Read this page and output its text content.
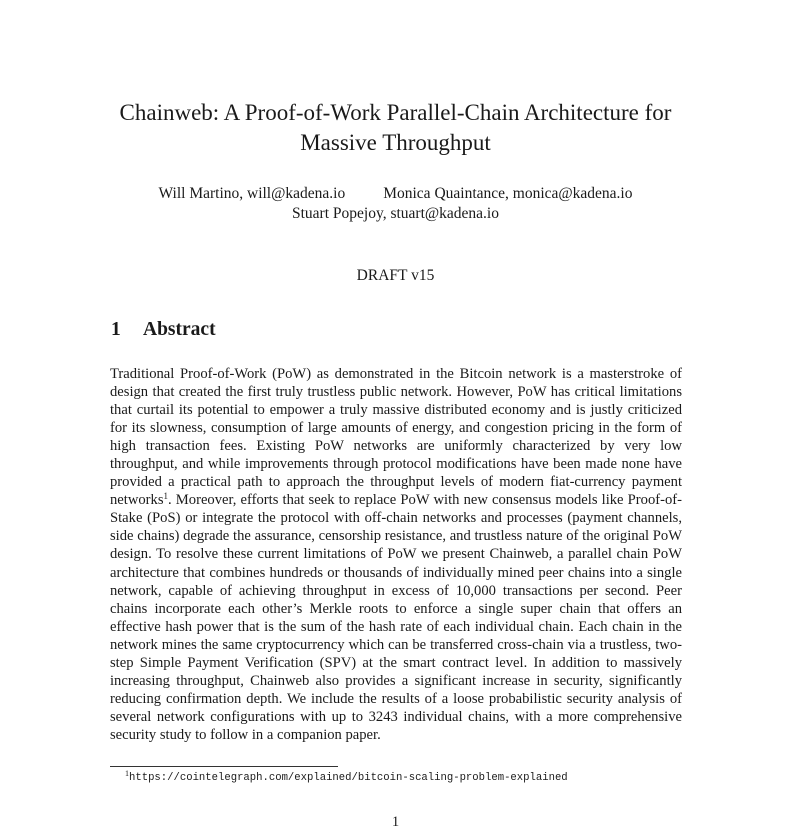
Chainweb: A Proof-of-Work Parallel-Chain Architecture for
Massive Throughput
Will Martino, will@kadena.io Monica Quaintance, monica@kadena.io
Stuart Popejoy, stuart@kadena.io
DRAFT v15
1 Abstract

Traditional Proof-of-Work (PoW) as demonstrated in the Bitcoin network is a masterstroke of design that created the first truly trustless public network. However, PoW has critical limitations that curtail its potential to empower a truly massive distributed economy and is justly criticized for its slowness, consumption of large amounts of energy, and congestion pricing in the form of high transaction fees. Existing PoW networks are uniformly characterized by very low throughput, and while improvements through protocol modifications have been made none have provided a practical path to approach the throughput levels of modern fiat-currency payment networks$^1$. Moreover, efforts that seek to replace PoW with new consensus models like Proof-of-Stake (PoS) or integrate the protocol with off-chain networks and processes (payment channels, side chains) degrade the assurance, censorship resistance, and trustless nature of the original PoW design. To resolve these current limitations of PoW we present Chainweb, a parallel chain PoW architecture that combines hundreds or thousands of individually mined peer chains into a single network, capable of achieving throughput in excess of 10,000 transactions per second. Peer chains incorporate each other’s Merkle roots to enforce a single super chain that offers an effective hash power that is the sum of the hash rate of each individual chain. Each chain in the network mines the same cryptocurrency which can be transferred cross-chain via a trustless, two-step Simple Payment Verification (SPV) at the smart contract level. In addition to massively increasing throughput, Chainweb also provides a significant increase in security, significantly reducing confirmation depth. We include the results of a loose probabilistic security analysis of several network configurations with up to 3243 individual chains, with a more comprehensive security study to follow in a companion paper.

$^1$https://cointelegraph.com/explained/bitcoin-scaling-problem-explained
1
